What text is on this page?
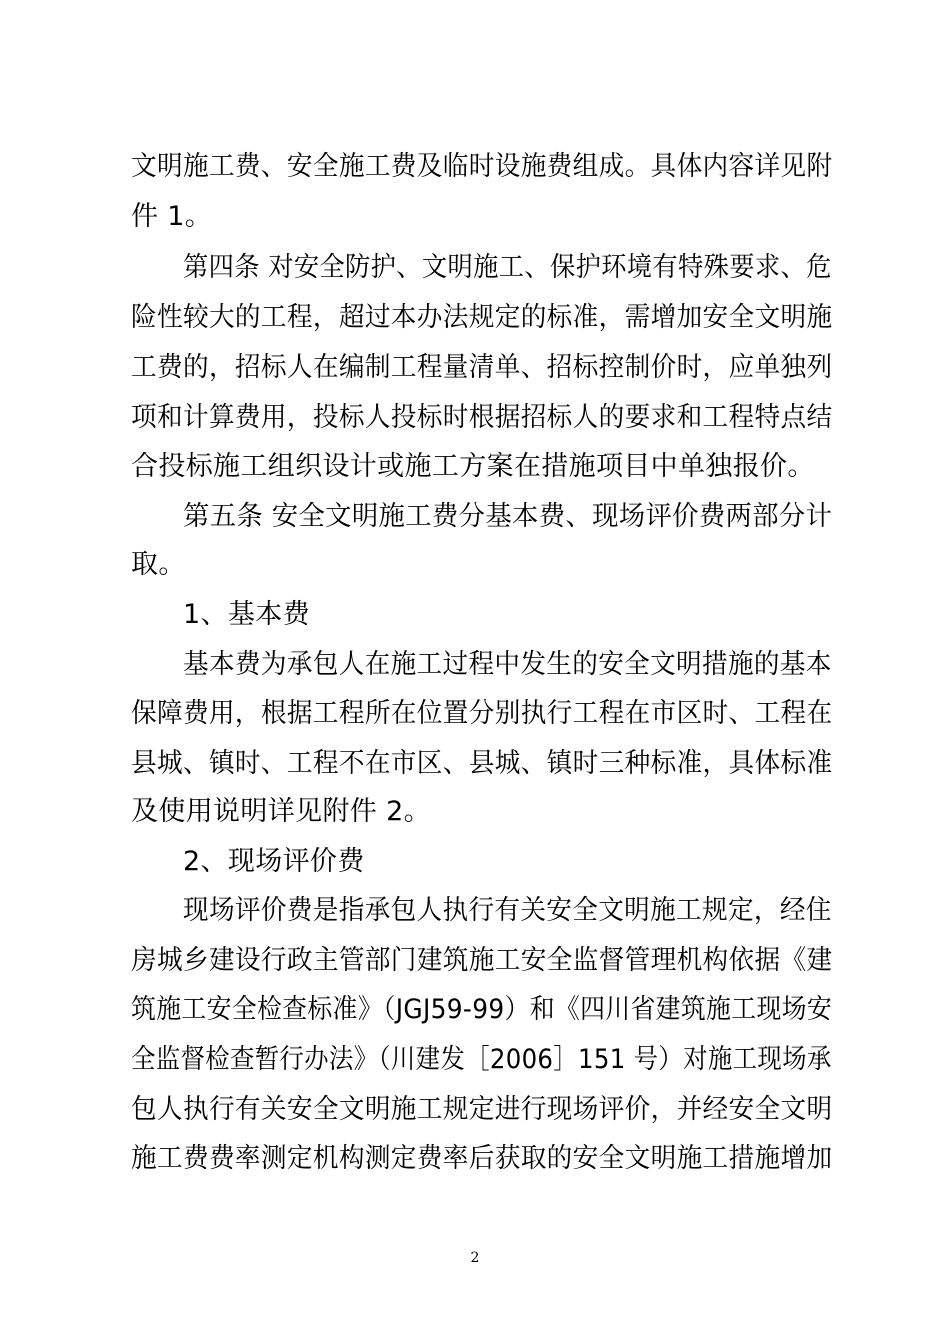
文明施工费、安全施工费及临时设施费组成。具体内容详见附
件 1。
第四条 对安全防护、文明施工、保护环境有特殊要求、危
险性较大的工程，超过本办法规定的标准，需增加安全文明施
工费的，招标人在编制工程量清单、招标控制价时，应单独列
项和计算费用，投标人投标时根据招标人的要求和工程特点结
合投标施工组织设计或施工方案在措施项目中单独报价。
第五条 安全文明施工费分基本费、现场评价费两部分计
取。
1、基本费
基本费为承包人在施工过程中发生的安全文明措施的基本
保障费用，根据工程所在位置分别执行工程在市区时、工程在
县城、镇时、工程不在市区、县城、镇时三种标准，具体标准
及使用说明详见附件 2。
2、现场评价费
现场评价费是指承包人执行有关安全文明施工规定，经住
房城乡建设行政主管部门建筑施工安全监督管理机构依据《建
筑施工安全检查标准》（JGJ59-99）和《四川省建筑施工现场安
全监督检查暂行办法》（川建发［2006］151 号）对施工现场承
包人执行有关安全文明施工规定进行现场评价，并经安全文明
施工费费率测定机构测定费率后获取的安全文明施工措施增加
2
